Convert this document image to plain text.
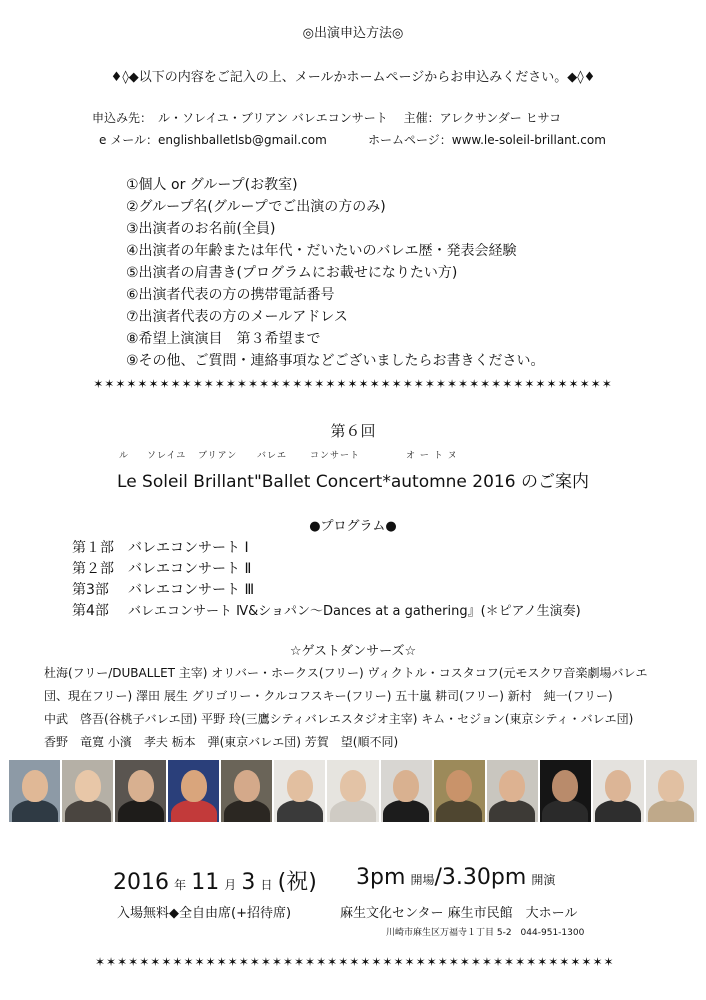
◎出演申込方法◎
♦◊◆以下の内容をご記入の上、メールかホームページからお申込みください。◆◊♦
申込み先：　ル・ソレイユ・ブリアン バレエコンサート　 主催：アレクサンダー ヒサコ
e メール：englishballetlsb@gmail.com	ホームページ：www.le-soleil-brillant.com
①個人 or グループ(お教室)
②グループ名(グループでご出演の方のみ)
③出演者のお名前(全員)
④出演者の年齢または年代・だいたいのバレエ歴・発表会経験
⑤出演者の肩書き(プログラムにお載せになりたい方)
⑥出演者代表の方の携帯電話番号
⑦出演者代表の方のメールアドレス
⑧希望上演演目　第３希望まで
⑨その他、ご質問・連絡事項などございましたらお書きください。
✶✶✶✶✶✶✶✶✶✶✶✶✶✶✶✶✶✶✶✶✶✶✶✶✶✶✶✶✶✶✶✶✶✶✶✶✶✶✶✶✶✶✶✶✶✶✶
第６回
ル ソレイユ ブリアン バレエ	コンサート	オ ー ト ヌ
Le Soleil Brillant"Ballet Concert*automne 2016 のご案内
●プログラム●
第１部 バレエコンサート Ⅰ
第２部 バレエコンサート Ⅱ
第3部 バレエコンサート Ⅲ
第4部 バレエコンサート Ⅳ&ショパン〜Dances at a gathering』(＊ピアノ生演奏)
☆ゲストダンサーズ☆
杜海(フリー/DUBALLET 主宰) オリバー・ホークス(フリー) ヴィクトル・コスタコフ(元モスクワ音楽劇場バレエ
団、現在フリー) 澤田 展生 グリゴリー・クルコフスキー(フリー) 五十嵐 耕司(フリー) 新村　純一(フリー)
中武　啓吾(谷桃子バレエ団) 平野 玲(三鷹シティバレエスタジオ主宰) キム・セジョン(東京シティ・バレエ団)
香野　竜寛 小濱　孝夫 栃本　弾(東京バレエ団) 芳賀　望(順不同)
2016 年 11 月 3 日 (祝) 3pm 開場/3.30pm 開演
入場無料◆全自由席(+招待席)	麻生文化センター 麻生市民館　大ホール
川崎市麻生区万福寺１丁目 5-2　044-951-1300
✶✶✶✶✶✶✶✶✶✶✶✶✶✶✶✶✶✶✶✶✶✶✶✶✶✶✶✶✶✶✶✶✶✶✶✶✶✶✶✶✶✶✶✶✶✶✶
